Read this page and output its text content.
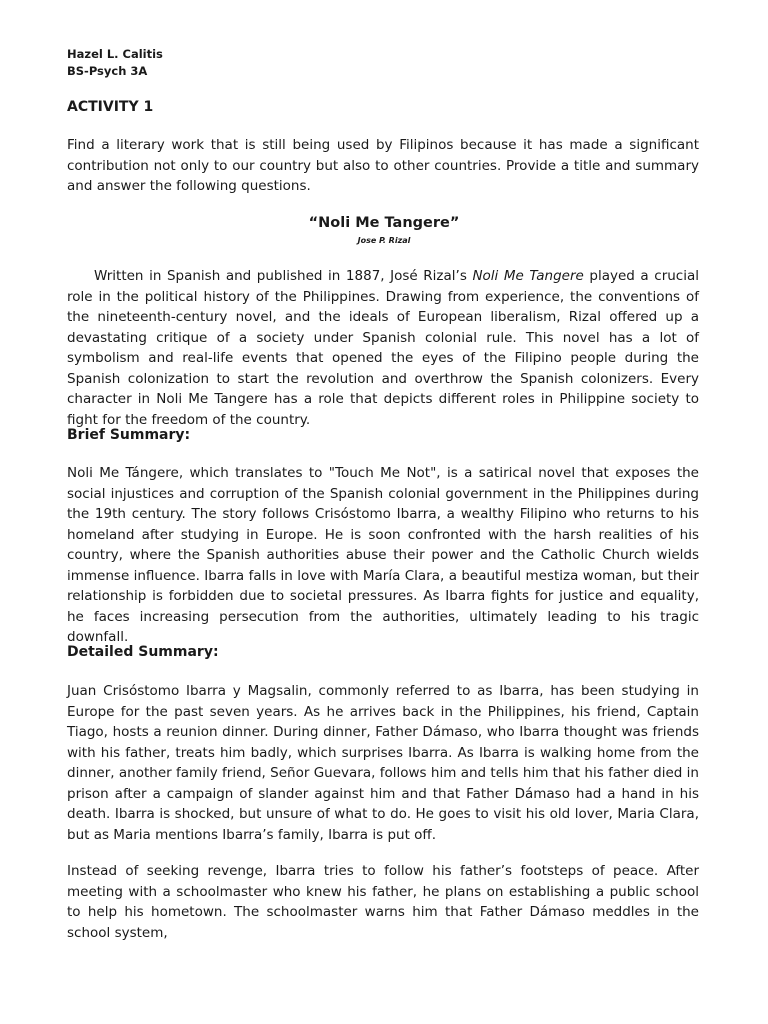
Hazel L. Calitis
BS-Psych 3A
ACTIVITY 1
Find a literary work that is still being used by Filipinos because it has made a significant contribution not only to our country but also to other countries. Provide a title and summary and answer the following questions.
“Noli Me Tangere”
Jose P. Rizal
Written in Spanish and published in 1887, José Rizal’s Noli Me Tangere played a crucial role in the political history of the Philippines. Drawing from experience, the conventions of the nineteenth-century novel, and the ideals of European liberalism, Rizal offered up a devastating critique of a society under Spanish colonial rule. This novel has a lot of symbolism and real-life events that opened the eyes of the Filipino people during the Spanish colonization to start the revolution and overthrow the Spanish colonizers. Every character in Noli Me Tangere has a role that depicts different roles in Philippine society to fight for the freedom of the country.
Brief Summary:
Noli Me Tángere, which translates to "Touch Me Not", is a satirical novel that exposes the social injustices and corruption of the Spanish colonial government in the Philippines during the 19th century. The story follows Crisóstomo Ibarra, a wealthy Filipino who returns to his homeland after studying in Europe. He is soon confronted with the harsh realities of his country, where the Spanish authorities abuse their power and the Catholic Church wields immense influence. Ibarra falls in love with María Clara, a beautiful mestiza woman, but their relationship is forbidden due to societal pressures. As Ibarra fights for justice and equality, he faces increasing persecution from the authorities, ultimately leading to his tragic downfall.
Detailed Summary:
Juan Crisóstomo Ibarra y Magsalin, commonly referred to as Ibarra, has been studying in Europe for the past seven years. As he arrives back in the Philippines, his friend, Captain Tiago, hosts a reunion dinner. During dinner, Father Dámaso, who Ibarra thought was friends with his father, treats him badly, which surprises Ibarra. As Ibarra is walking home from the dinner, another family friend, Señor Guevara, follows him and tells him that his father died in prison after a campaign of slander against him and that Father Dámaso had a hand in his death. Ibarra is shocked, but unsure of what to do. He goes to visit his old lover, Maria Clara, but as Maria mentions Ibarra’s family, Ibarra is put off.
Instead of seeking revenge, Ibarra tries to follow his father’s footsteps of peace. After meeting with a schoolmaster who knew his father, he plans on establishing a public school to help his hometown. The schoolmaster warns him that Father Dámaso meddles in the school system,
